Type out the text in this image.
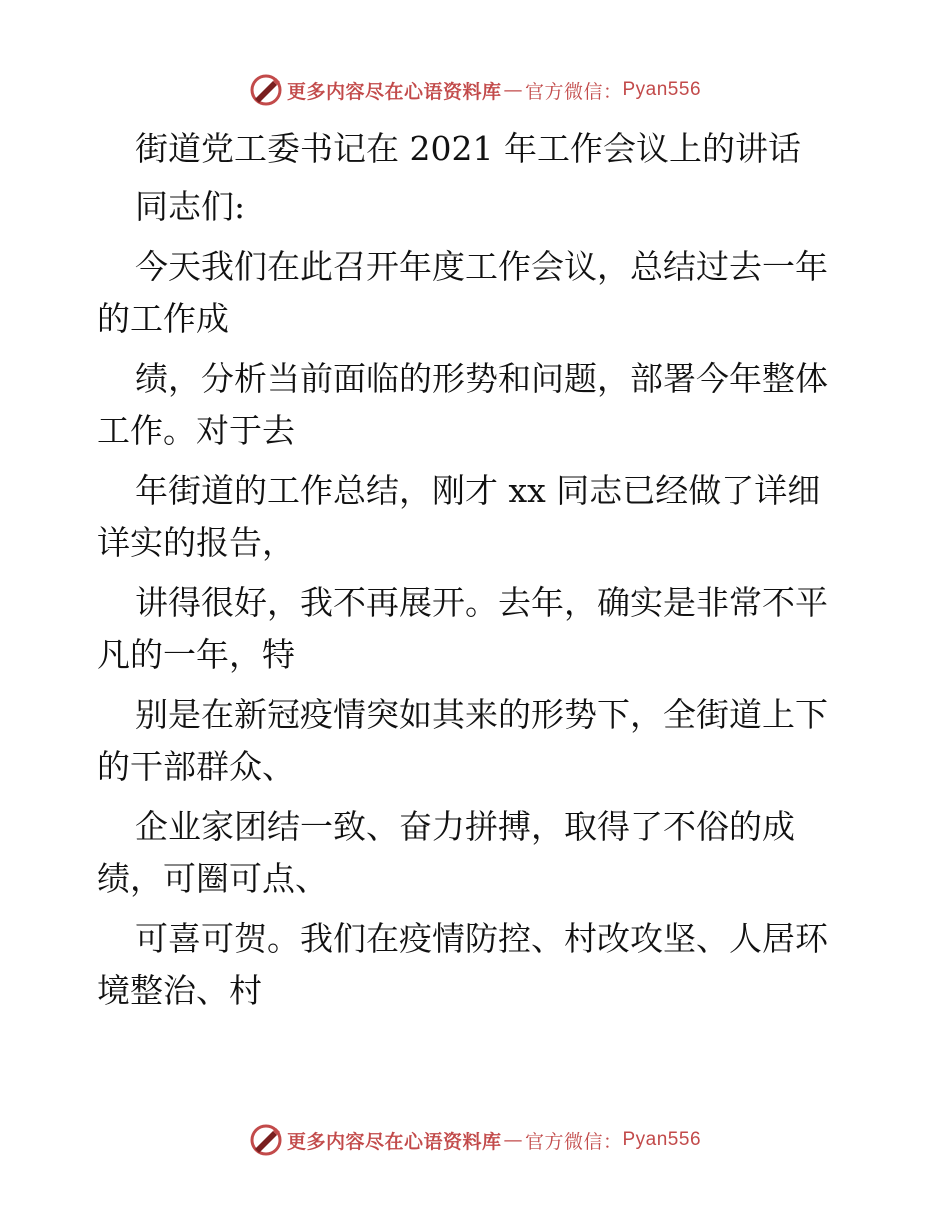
更多内容尽在心语资料库 — 官方微信： Pyan556
街道党工委书记在 2021 年工作会议上的讲话
同志们:
今天我们在此召开年度工作会议，总结过去一年
的工作成
绩，分析当前面临的形势和问题，部署今年整体
工作。对于去
年街道的工作总结，刚才 xx 同志已经做了详细
详实的报告，
讲得很好，我不再展开。去年，确实是非常不平
凡的一年，特
别是在新冠疫情突如其来的形势下，全街道上下
的干部群众、
企业家团结一致、奋力拼搏，取得了不俗的成
绩，可圈可点、
可喜可贺。我们在疫情防控、村改攻坚、人居环
境整治、村
更多内容尽在心语资料库 — 官方微信： Pyan556
